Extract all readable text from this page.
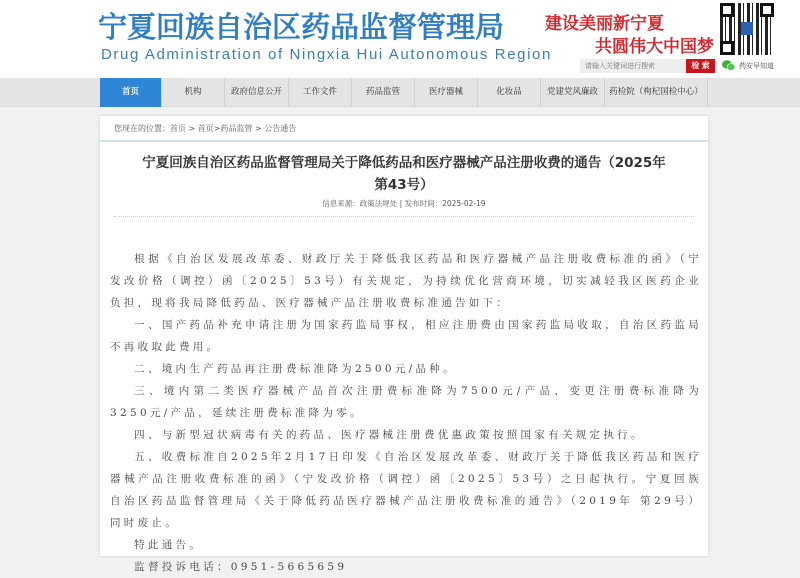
宁夏回族自治区药品监督管理局
Drug Administration of Ningxia Hui Autonomous Region
建设美丽新宁夏
共圆伟大中国梦
请输入关键词进行搜索
检 索	药安早知道
首页	机构	政府信息公开	工作文件	药品监管	医疗器械	化妆品	党建党风廉政	药检院（枸杞国检中心）
您现在的位置：首页 > 首页>药品监管 > 公告通告
宁夏回族自治区药品监督管理局关于降低药品和医疗器械产品注册收费的通告（2025年 第43号）
信息来源：政策法规处 | 发布时间：2025-02-19

根据《自治区发展改革委、财政厅关于降低我区药品和医疗器械产品注册收费标准的函》（宁发改价格（调控）函〔2025〕53号）有关规定，为持续优化营商环境，切实减轻我区医药企业负担，现将我局降低药品、医疗器械产品注册收费标准通告如下：

一、国产药品补充申请注册为国家药监局事权，相应注册费由国家药监局收取，自治区药监局不再收取此费用。

二、境内生产药品再注册费标准降为2500元/品种。

三、境内第二类医疗器械产品首次注册费标准降为7500元/产品，变更注册费标准降为3250元/产品，延续注册费标准降为零。

四、与新型冠状病毒有关的药品、医疗器械注册费优惠政策按照国家有关规定执行。

五、收费标准自2025年2月17日印发《自治区发展改革委、财政厅关于降低我区药品和医疗器械产品注册收费标准的函》（宁发改价格（调控）函〔2025〕53号）之日起执行。宁夏回族自治区药品监督管理局《关于降低药品医疗器械产品注册收费标准的通告》（2019年 第29号）同时废止。

特此通告。

监督投诉电话：0951-5665659
